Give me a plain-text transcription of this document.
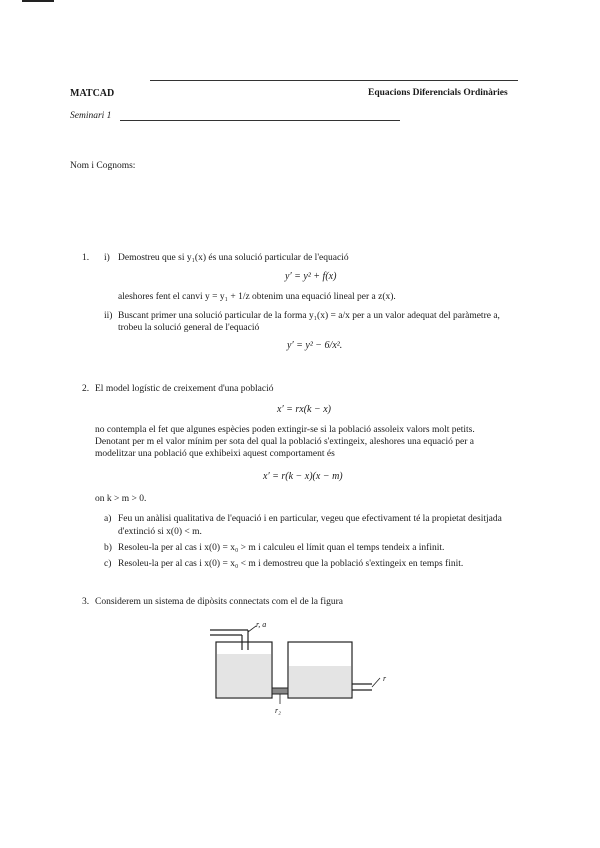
MATCAD	Equacions Diferencials Ordinàries
Seminari 1
Nom i Cognoms:
1. i) Demostreu que si y₁(x) és una solució particular de l'equació
y′ = y² + f(x)
aleshores fent el canvi y = y₁ + 1/z obtenim una equació lineal per a z(x).
ii) Buscant primer una solució particular de la forma y₁(x) = a/x per a un valor adequat del paràmetre a,
trobeu la solució general de l'equació
y′ = y² − 6/x².
2. El model logístic de creixement d'una població
x′ = rx(k − x)
no contempla el fet que algunes espècies poden extingir-se si la població assoleix valors molt petits.
Denotant per m el valor mínim per sota del qual la població s'extingeix, aleshores una equació per a
modelitzar una població que exhibeixi aquest comportament és
x′ = r(k − x)(x − m)
on k > m > 0.
a) Feu un anàlisi qualitativa de l'equació i en particular, vegeu que efectivament té la propietat desitjada
d'extinció si x(0) < m.
b) Resoleu-la per al cas i x(0) = x₀ > m i calculeu el límit quan el temps tendeix a infinit.
c) Resoleu-la per al cas i x(0) = x₀ < m i demostreu que la població s'extingeix en temps finit.
3. Considerem un sistema de dipòsits connectats com el de la figura
r, a
r
r₂
